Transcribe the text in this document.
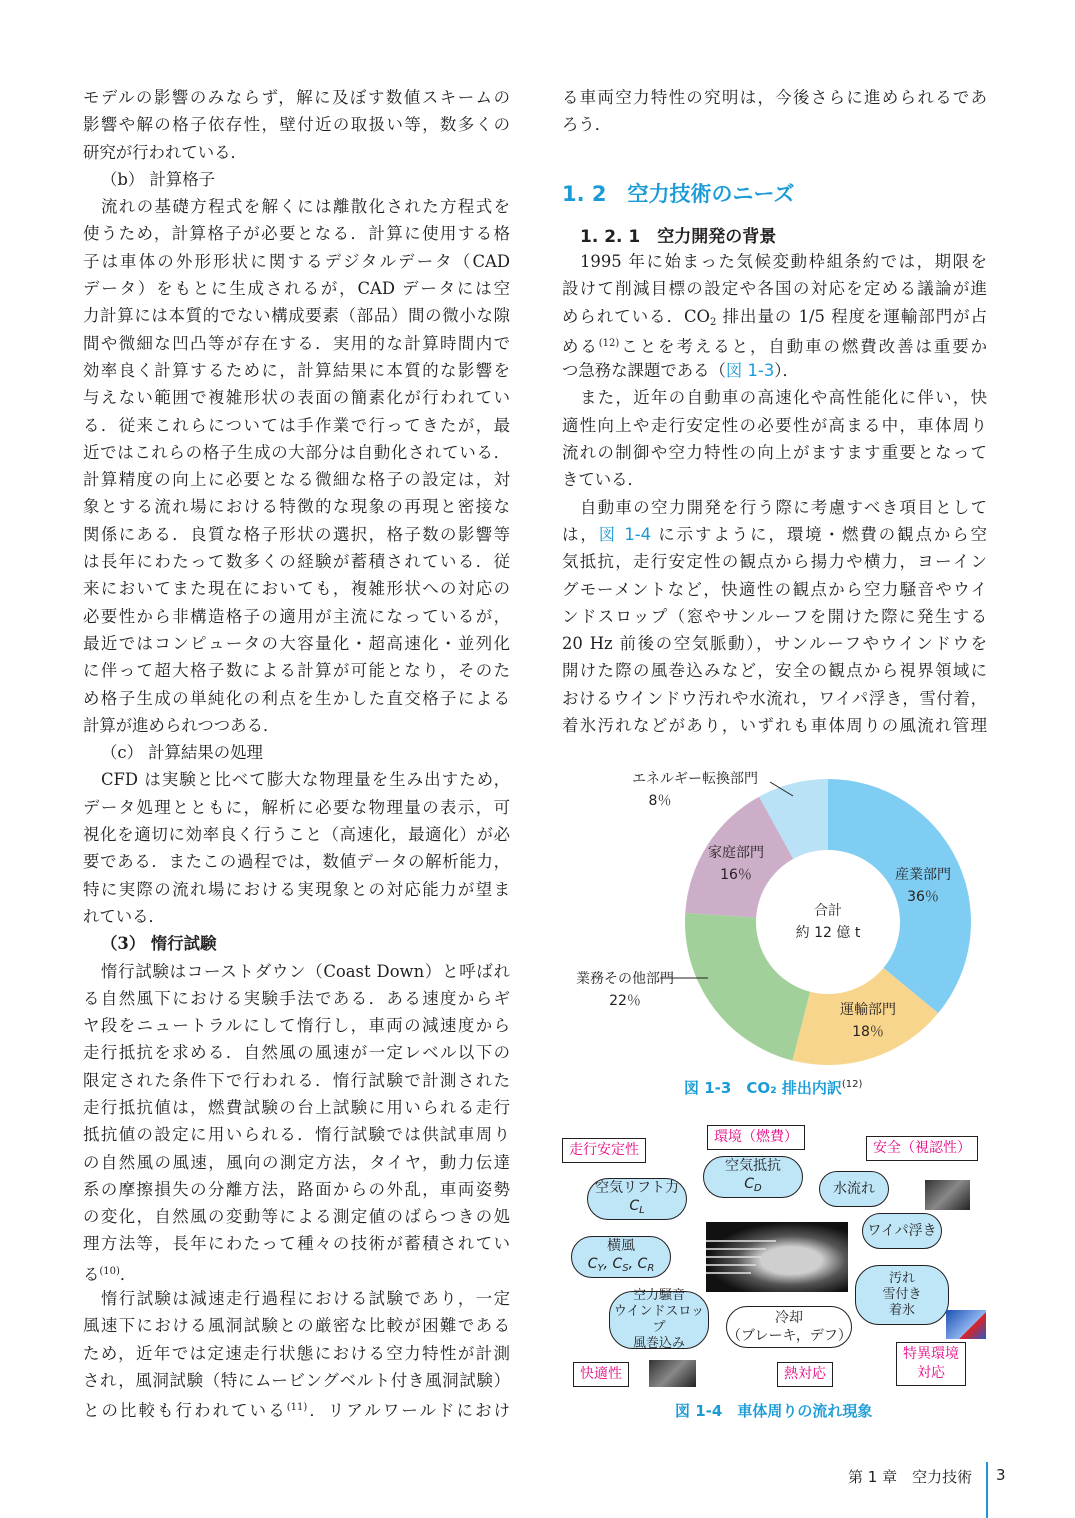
モデルの影響のみならず，解に及ぼす数値スキームの
影響や解の格子依存性，壁付近の取扱い等，数多くの
研究が行われている．
（b） 計算格子
流れの基礎方程式を解くには離散化された方程式を
使うため，計算格子が必要となる．計算に使用する格
子は車体の外形形状に関するデジタルデータ（CAD
データ）をもとに生成されるが，CAD データには空
力計算には本質的でない構成要素（部品）間の微小な隙
間や微細な凹凸等が存在する．実用的な計算時間内で
効率良く計算するために，計算結果に本質的な影響を
与えない範囲で複雑形状の表面の簡素化が行われてい
る．従来これらについては手作業で行ってきたが，最
近ではこれらの格子生成の大部分は自動化されている．
計算精度の向上に必要となる微細な格子の設定は，対
象とする流れ場における特徴的な現象の再現と密接な
関係にある．良質な格子形状の選択，格子数の影響等
は長年にわたって数多くの経験が蓄積されている．従
来においてまた現在においても，複雑形状への対応の
必要性から非構造格子の適用が主流になっているが，
最近ではコンピュータの大容量化・超高速化・並列化
に伴って超大格子数による計算が可能となり，そのた
め格子生成の単純化の利点を生かした直交格子による
計算が進められつつある．
（c） 計算結果の処理
CFD は実験と比べて膨大な物理量を生み出すため，
データ処理とともに，解析に必要な物理量の表示，可
視化を適切に効率良く行うこと（高速化，最適化）が必
要である．またこの過程では，数値データの解析能力，
特に実際の流れ場における実現象との対応能力が望ま
れている．
（3） 惰行試験
惰行試験はコーストダウン（Coast Down）と呼ばれ
る自然風下における実験手法である．ある速度からギ
ヤ段をニュートラルにして惰行し，車両の減速度から
走行抵抗を求める．自然風の風速が一定レベル以下の
限定された条件下で行われる．惰行試験で計測された
走行抵抗値は，燃費試験の台上試験に用いられる走行
抵抗値の設定に用いられる．惰行試験では供試車周り
の自然風の風速，風向の測定方法，タイヤ，動力伝達
系の摩擦損失の分離方法，路面からの外乱，車両姿勢
の変化，自然風の変動等による測定値のばらつきの処
理方法等，長年にわたって種々の技術が蓄積されてい
る$^{(10)}$．
惰行試験は減速走行過程における試験であり，一定
風速下における風洞試験との厳密な比較が困難である
ため，近年では定速走行状態における空力特性が計測
され，風洞試験（特にムービングベルト付き風洞試験）
との比較も行われている$^{(11)}$．リアルワールドにおけ
る車両空力特性の究明は，今後さらに進められるであ
ろう．
1. 2　空力技術のニーズ
1. 2. 1　空力開発の背景
1995 年に始まった気候変動枠組条約では，期限を
設けて削減目標の設定や各国の対応を定める議論が進
められている．$CO_2$ 排出量の 1/5 程度を運輸部門が占
める$^{(12)}$ことを考えると，自動車の燃費改善は重要か
つ急務な課題である（図 1-3）．
また，近年の自動車の高速化や高性能化に伴い，快
適性向上や走行安定性の必要性が高まる中，車体周り
流れの制御や空力特性の向上がますます重要となって
きている．
自動車の空力開発を行う際に考慮すべき項目として
は，図 1-4 に示すように，環境・燃費の観点から空
気抵抗，走行安定性の観点から揚力や横力，ヨーイン
グモーメントなど，快適性の観点から空力騒音やウイ
ンドスロップ（窓やサンルーフを開けた際に発生する
20 Hz 前後の空気脈動），サンルーフやウインドウを
開けた際の風巻込みなど，安全の観点から視界領域に
おけるウインドウ汚れや水流れ，ワイパ浮き，雪付着，
着氷汚れなどがあり，いずれも車体周りの風流れ管理
エネルギー転換部門
8％
家庭部門
16％	産業部門
36％
業務その他部門
22％
運輸部門
18％
合計
約 12 億 t
図 1-3　CO₂ 排出内訳$^{(12)}$
走行安定性
環境（燃費）
安全（視認性）
快適性	熱対応
特異環境
対応
空気リフト力
$C_L$
空気抵抗
$C_D$	水流れ
ワイパ浮き
横風
$C_Y$, $C_S$, $C_R$
空力騒音
ウインドスロップ
風巻込み
冷却
（ブレーキ，デフ）
汚れ
雪付き
着氷
図 1-4　車体周りの流れ現象
第 1 章　空力技術 3
